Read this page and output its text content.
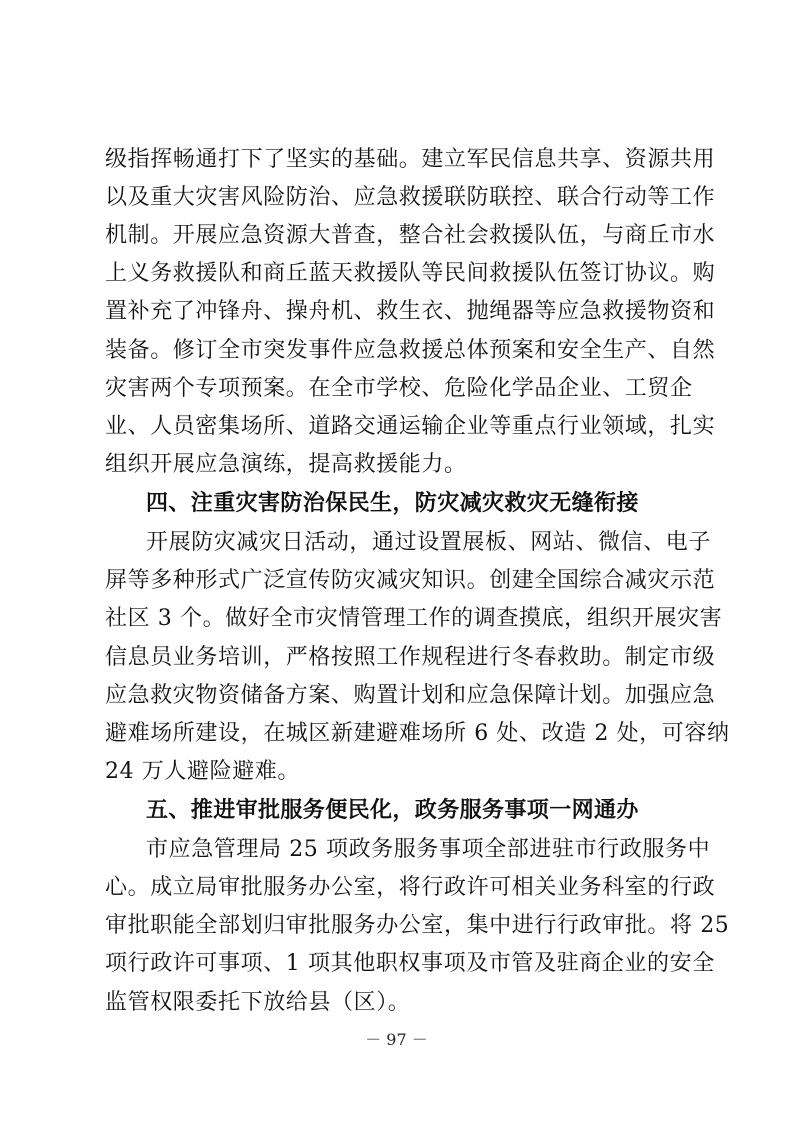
级指挥畅通打下了坚实的基础。建立军民信息共享、资源共用
以及重大灾害风险防治、应急救援联防联控、联合行动等工作
机制。开展应急资源大普查，整合社会救援队伍，与商丘市水
上义务救援队和商丘蓝天救援队等民间救援队伍签订协议。购
置补充了冲锋舟、操舟机、救生衣、抛绳器等应急救援物资和
装备。修订全市突发事件应急救援总体预案和安全生产、自然
灾害两个专项预案。在全市学校、危险化学品企业、工贸企
业、人员密集场所、道路交通运输企业等重点行业领域，扎实
组织开展应急演练，提高救援能力。
四、注重灾害防治保民生，防灾减灾救灾无缝衔接
开展防灾减灾日活动，通过设置展板、网站、微信、电子
屏等多种形式广泛宣传防灾减灾知识。创建全国综合减灾示范
社区 3 个。做好全市灾情管理工作的调查摸底，组织开展灾害
信息员业务培训，严格按照工作规程进行冬春救助。制定市级
应急救灾物资储备方案、购置计划和应急保障计划。加强应急
避难场所建设，在城区新建避难场所 6 处、改造 2 处，可容纳
24 万人避险避难。
五、推进审批服务便民化，政务服务事项一网通办
市应急管理局 25 项政务服务事项全部进驻市行政服务中
心。成立局审批服务办公室，将行政许可相关业务科室的行政
审批职能全部划归审批服务办公室，集中进行行政审批。将 25
项行政许可事项、1 项其他职权事项及市管及驻商企业的安全
监管权限委托下放给县（区）。
－ 97 －
